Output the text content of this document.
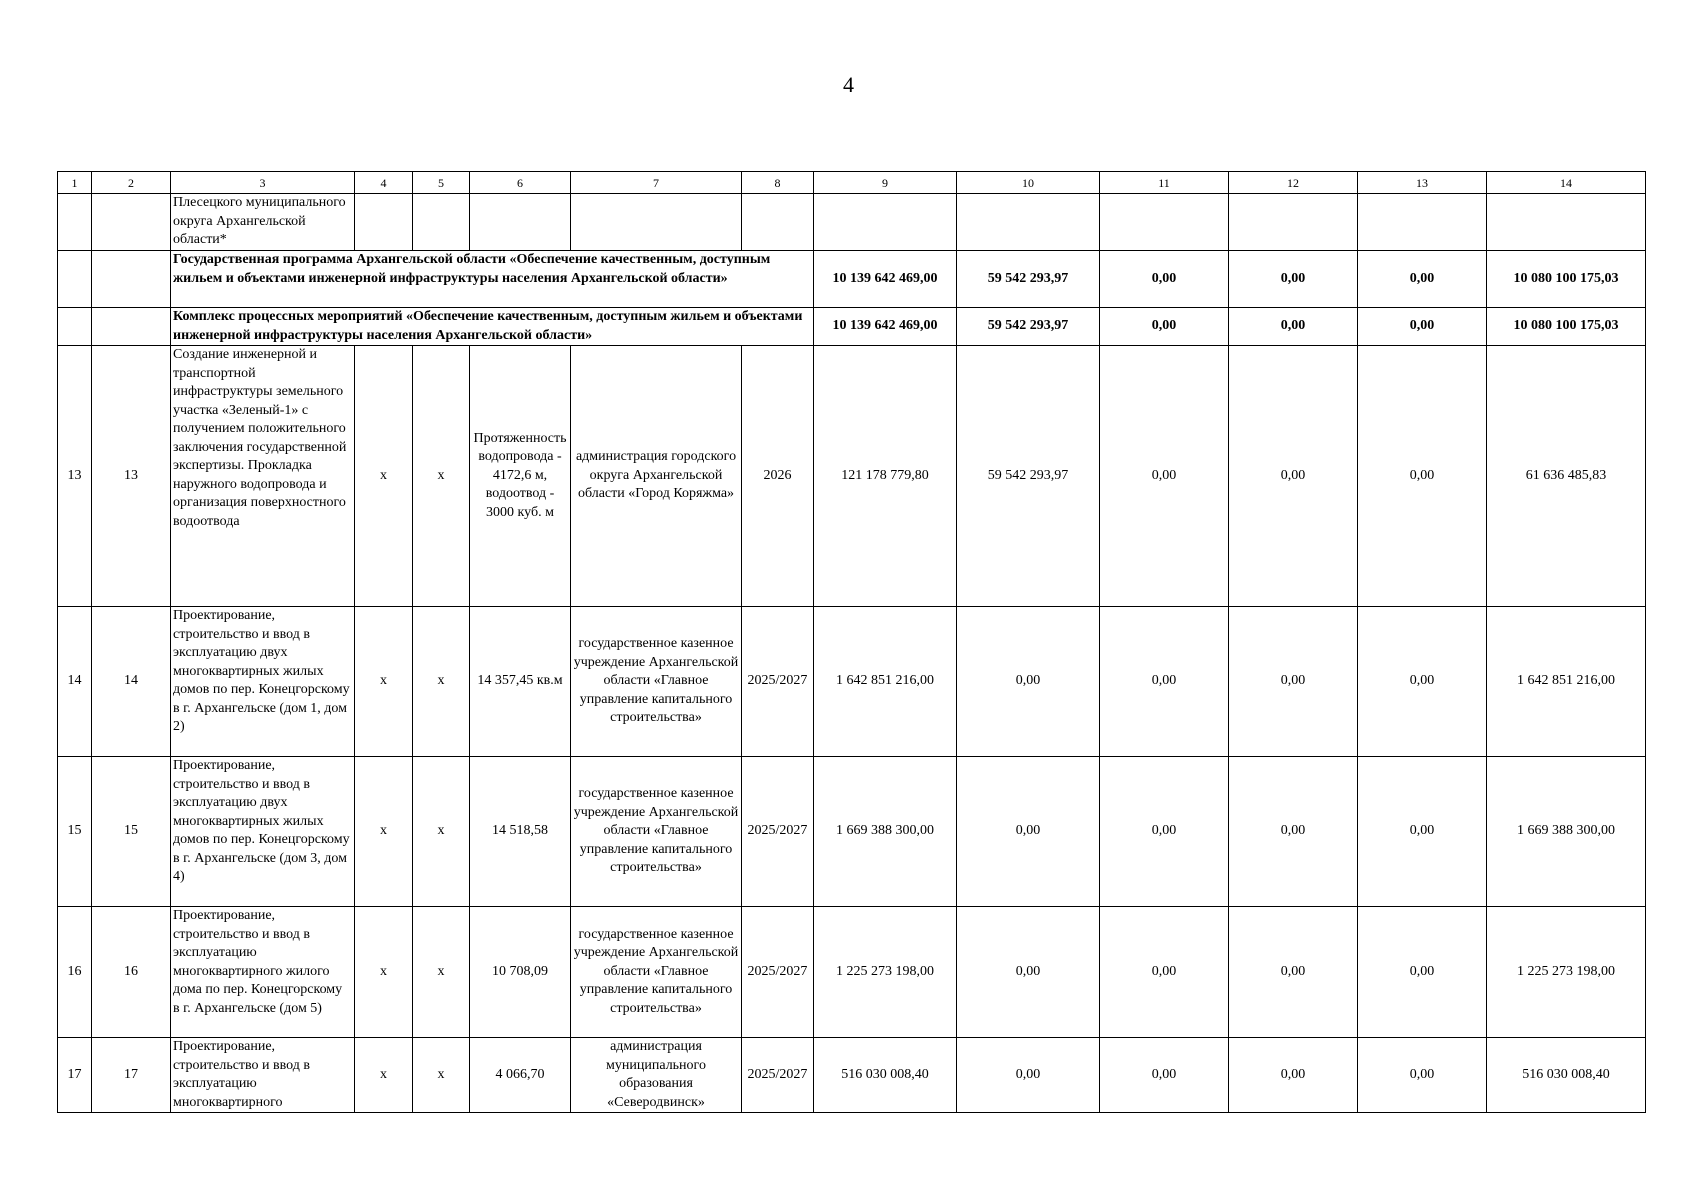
4
1	2	3	4	5	6	7	8	9	10	11	12	13	14
		Плесецкого муниципального округа Архангельской области*											
		Государственная программа Архангельской области «Обеспечение качественным, доступным жильем и объектами инженерной инфраструктуры населения Архангельской области»						10 139 642 469,00	59 542 293,97	0,00	0,00	0,00	10 080 100 175,03
		Комплекс процессных мероприятий «Обеспечение качественным, доступным жильем и объектами инженерной инфраструктуры населения Архангельской области»						10 139 642 469,00	59 542 293,97	0,00	0,00	0,00	10 080 100 175,03
13	13	Создание инженерной и транспортной инфраструктуры земельного участка «Зеленый-1» с получением положительного заключения государственной экспертизы. Прокладка наружного водопровода и организация поверхностного водоотвода	х	х	Протяженность водопровода - 4172,6 м, водоотвод - 3000 куб. м	администрация городского округа Архангельской области «Город Коряжма»	2026	121 178 779,80	59 542 293,97	0,00	0,00	0,00	61 636 485,83
14	14	Проектирование, строительство и ввод в эксплуатацию двух многоквартирных жилых домов по пер. Конецгорскому в г. Архангельске (дом 1, дом 2)	х	х	14 357,45 кв.м	государственное казенное учреждение Архангельской области «Главное управление капитального строительства»	2025/2027	1 642 851 216,00	0,00	0,00	0,00	0,00	1 642 851 216,00
15	15	Проектирование, строительство и ввод в эксплуатацию двух многоквартирных жилых домов по пер. Конецгорскому в г. Архангельске (дом 3, дом 4)	х	х	14 518,58	государственное казенное учреждение Архангельской области «Главное управление капитального строительства»	2025/2027	1 669 388 300,00	0,00	0,00	0,00	0,00	1 669 388 300,00
16	16	Проектирование, строительство и ввод в эксплуатацию многоквартирного жилого дома по пер. Конецгорскому в г. Архангельске (дом 5)	х	х	10 708,09	государственное казенное учреждение Архангельской области «Главное управление капитального строительства»	2025/2027	1 225 273 198,00	0,00	0,00	0,00	0,00	1 225 273 198,00
17	17	Проектирование, строительство и ввод в эксплуатацию многоквартирного	х	х	4 066,70	администрация муниципального образования «Северодвинск»	2025/2027	516 030 008,40	0,00	0,00	0,00	0,00	516 030 008,40
